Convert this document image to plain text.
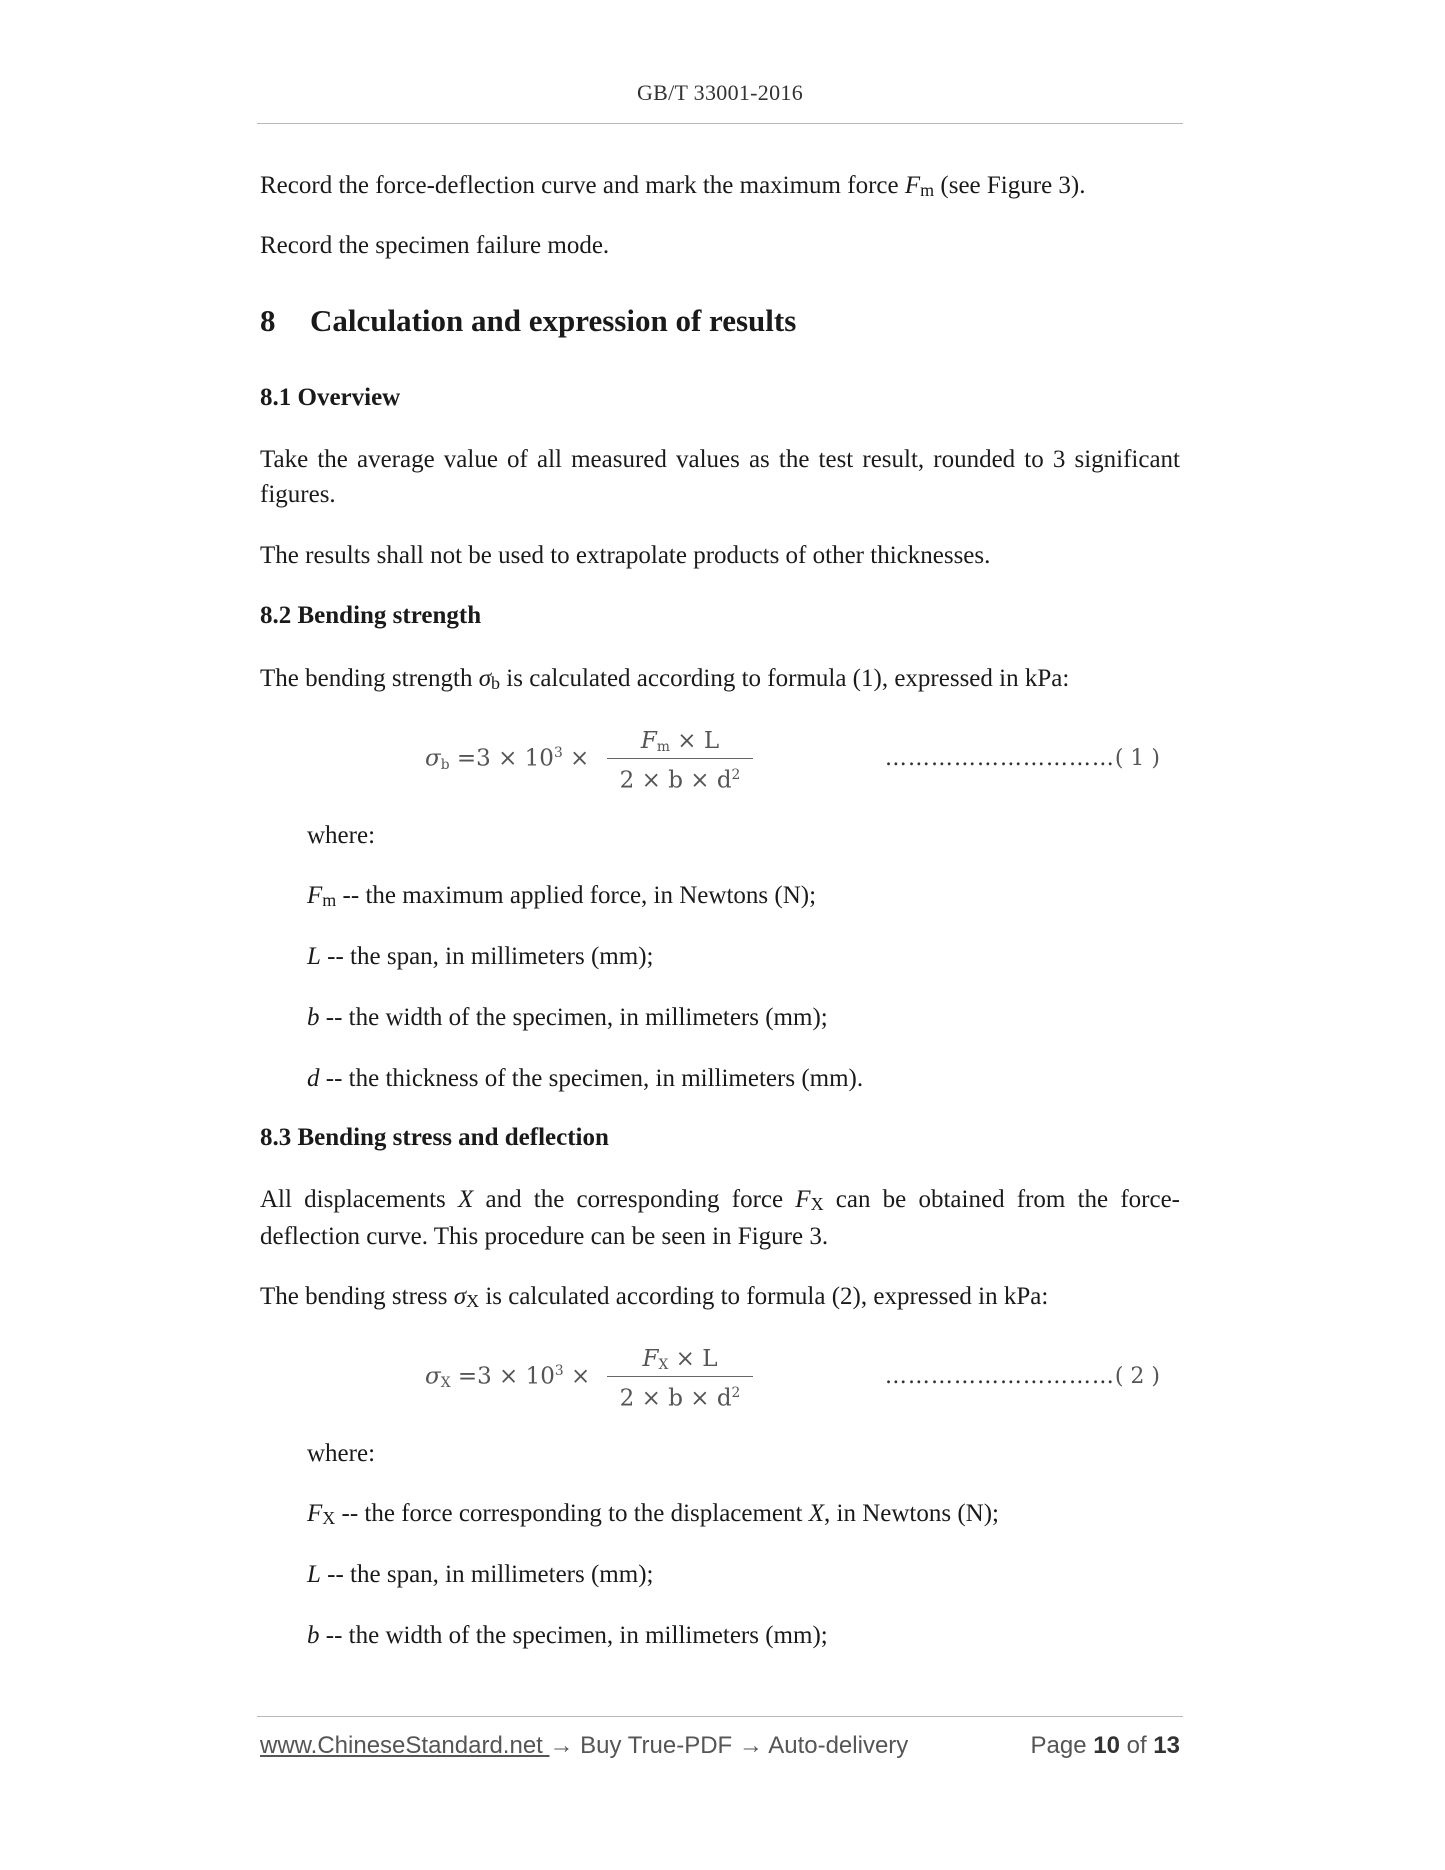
GB/T 33001-2016
Record the force-deflection curve and mark the maximum force Fm (see Figure 3).
Record the specimen failure mode.
8 Calculation and expression of results
8.1 Overview
Take the average value of all measured values as the test result, rounded to 3 significant figures.
The results shall not be used to extrapolate products of other thicknesses.
8.2 Bending strength
The bending strength σb is calculated according to formula (1), expressed in kPa:
$\sigma b =3 \times 10^3$ ×
Fm × L
$2 \times b \times d^2$
…………………………( 1 )
where:
Fm -- the maximum applied force, in Newtons (N);
L -- the span, in millimeters (mm);
b -- the width of the specimen, in millimeters (mm);
d -- the thickness of the specimen, in millimeters (mm).
8.3 Bending stress and deflection
All displacements X and the corresponding force FX can be obtained from the force-deflection curve. This procedure can be seen in Figure 3.
The bending stress σX is calculated according to formula (2), expressed in kPa:
$\sigma X =3 \times 10^3$ ×
FX × L
$2 \times b \times d^2$
…………………………( 2 )
where:
FX -- the force corresponding to the displacement X, in Newtons (N);
L -- the span, in millimeters (mm);
b -- the width of the specimen, in millimeters (mm);
www.ChineseStandard.net → Buy True-PDF → Auto-delivery	Page 10 of 13
